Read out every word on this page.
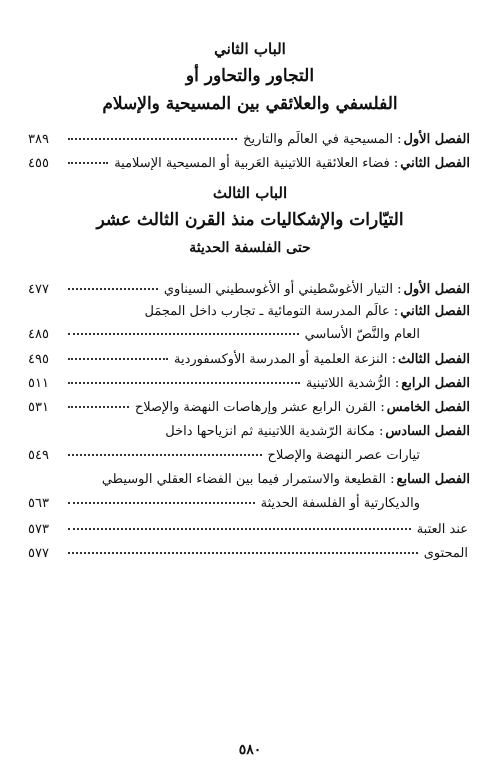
الباب الثاني
التجاور والتحاور أو
الفلسفي والعلائقي بين المسيحية والإسلام
الفصل الأول
: المسيحية في العالَم والتاريخ
٣٨٩
الفصل الثاني
: فضاء العلائقية اللاتينية العَربية أو المسيحية الإسلامية
٤٥٥
الباب الثالث
التيّارات والإشكاليات منذ القرن الثالث عشر
حتى الفلسفة الحديثة
الفصل الأول
: التيار الأغوسْطيني أو الأغوسطيني السيناوي
٤٧٧
الفصل الثاني
: عالَم المدرسة التومائية ـ تجارب داخل المجمَل
العام والنَّصّ الأساسي
٤٨٥
الفصل الثالث
: النزعة العلمية أو المدرسة الأوكسفوردية
٤٩٥
الفصل الرابع
: الرُّشدية اللاتينية
٥١١
الفصل الخامس
: القرن الرابع عشر وإرهاصات النهضة والإصلاح
٥٣١
الفصل السادس
: مكانة الرّشدية اللاتينية ثم انزياحها داخل
تيارات عصر النهضة والإصلاح
٥٤٩
الفصل السابع
: القطيعة والاستمرار فيما بين الفضاء العقلي الوسيطي
والديكارتية أو الفلسفة الحديثة
٥٦٣
عند العتبة
٥٧٣
المحتوى
٥٧٧
٥٨٠
